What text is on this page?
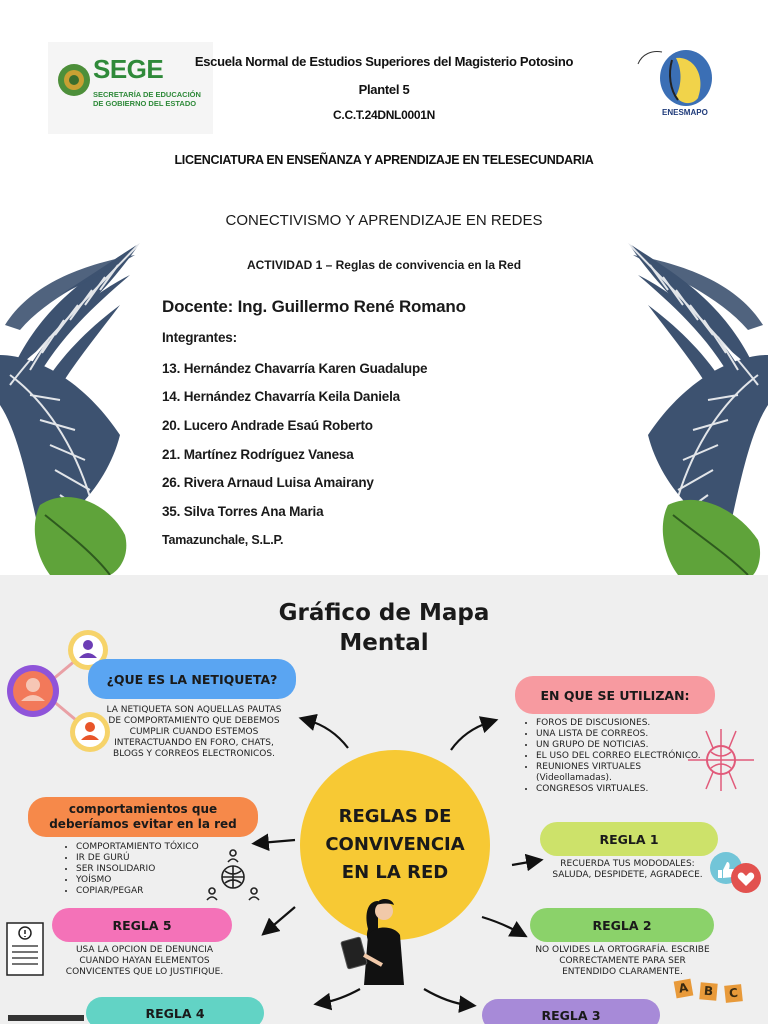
SEGE
SECRETARÍA DE EDUCACIÓN DE GOBIERNO DEL ESTADO
ENESMAPO
Escuela Normal de Estudios Superiores del Magisterio Potosino
Plantel 5
C.C.T.24DNL0001N
LICENCIATURA EN ENSEÑANZA Y APRENDIZAJE EN TELESECUNDARIA
CONECTIVISMO Y APRENDIZAJE EN REDES
ACTIVIDAD 1 – Reglas de convivencia en la Red
Docente: Ing. Guillermo René Romano
Integrantes:
13. Hernández Chavarría Karen Guadalupe
14. Hernández Chavarría Keila Daniela
20. Lucero Andrade Esaú Roberto
21. Martínez Rodríguez Vanesa
26. Rivera Arnaud Luisa Amairany
35. Silva Torres Ana Maria
Tamazunchale, S.L.P.
Gráfico de Mapa
Mental
¿QUE ES LA NETIQUETA?
LA NETIQUETA SON AQUELLAS PAUTAS DE COMPORTAMIENTO QUE DEBEMOS CUMPLIR CUANDO ESTEMOS INTERACTUANDO EN FORO, CHATS, BLOGS Y CORREOS ELECTRONICOS.
EN QUE SE UTILIZAN:
• FOROS DE DISCUSIONES.
• UNA LISTA DE CORREOS.
• UN GRUPO DE NOTICIAS.
• EL USO DEL CORREO ELECTRÓNICO.
• REUNIONES VIRTUALES (Videollamadas).
• CONGRESOS VIRTUALES.
REGLAS DE
CONVIVENCIA
EN LA RED
comportamientos que deberíamos evitar en la red
• COMPORTAMIENTO TÓXICO
• IR DE GURÚ
• SER INSOLIDARIO
• YOÍSMO
• COPIAR/PEGAR
REGLA 1
RECUERDA TUS MODODALES: SALUDA, DESPIDETE, AGRADECE.
REGLA 2
NO OLVIDES LA ORTOGRAFÍA. ESCRIBE CORRECTAMENTE PARA SER ENTENDIDO CLARAMENTE.
A	B	C
REGLA 5
USA LA OPCION DE DENUNCIA CUANDO HAYAN ELEMENTOS CONVICENTES QUE LO JUSTIFIQUE.
REGLA 4	REGLA 3
